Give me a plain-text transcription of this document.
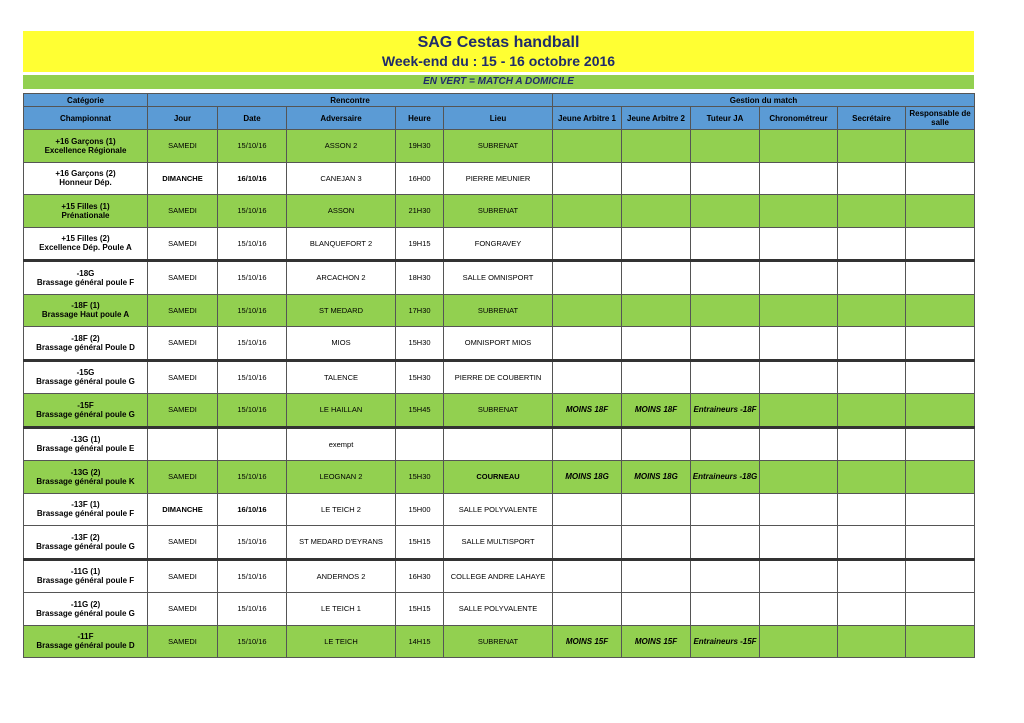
SAG Cestas handball
Week-end du : 15 - 16 octobre 2016
EN VERT = MATCH A DOMICILE
Catégorie	Rencontre					Gestion du match					
Championnat	Jour	Date	Adversaire	Heure	Lieu	Jeune Arbitre 1	Jeune Arbitre 2	Tuteur JA	Chronométreur	Secrétaire	Responsable de salle

+16 Garçons (1)
Excellence Régionale	SAMEDI	15/10/16	ASSON 2	19H30	SUBRENAT						

+16 Garçons (2)
Honneur Dép.	DIMANCHE	16/10/16	CANEJAN 3	16H00	PIERRE MEUNIER						

+15 Filles (1)
Prénationale	SAMEDI	15/10/16	ASSON	21H30	SUBRENAT						

+15 Filles (2)
Excellence Dép. Poule A	SAMEDI	15/10/16	BLANQUEFORT 2	19H15	FONGRAVEY						

-18G
Brassage général poule F	SAMEDI	15/10/16	ARCACHON 2	18H30	SALLE OMNISPORT						

-18F (1)
Brassage Haut poule A	SAMEDI	15/10/16	ST MEDARD	17H30	SUBRENAT						

-18F (2)
Brassage général Poule D	SAMEDI	15/10/16	MIOS	15H30	OMNISPORT MIOS						

-15G
Brassage général poule G	SAMEDI	15/10/16	TALENCE	15H30	PIERRE DE COUBERTIN						

-15F
Brassage général poule G	SAMEDI	15/10/16	LE HAILLAN	15H45	SUBRENAT	MOINS 18F	MOINS 18F	Entraineurs -18F			

-13G (1)
Brassage général poule E			exempt								

-13G (2)
Brassage général poule K	SAMEDI	15/10/16	LEOGNAN 2	15H30	COURNEAU	MOINS 18G	MOINS 18G	Entraineurs -18G			

-13F (1)
Brassage général poule F	DIMANCHE	16/10/16	LE TEICH 2	15H00	SALLE POLYVALENTE						

-13F (2)
Brassage général poule G	SAMEDI	15/10/16	ST MEDARD D'EYRANS	15H15	SALLE MULTISPORT						

-11G (1)
Brassage général poule F	SAMEDI	15/10/16	ANDERNOS 2	16H30	COLLEGE ANDRE LAHAYE						

-11G (2)
Brassage général poule G	SAMEDI	15/10/16	LE TEICH 1	15H15	SALLE POLYVALENTE						

-11F
Brassage général poule D	SAMEDI	15/10/16	LE TEICH	14H15	SUBRENAT	MOINS 15F	MOINS 15F	Entraineurs -15F			
